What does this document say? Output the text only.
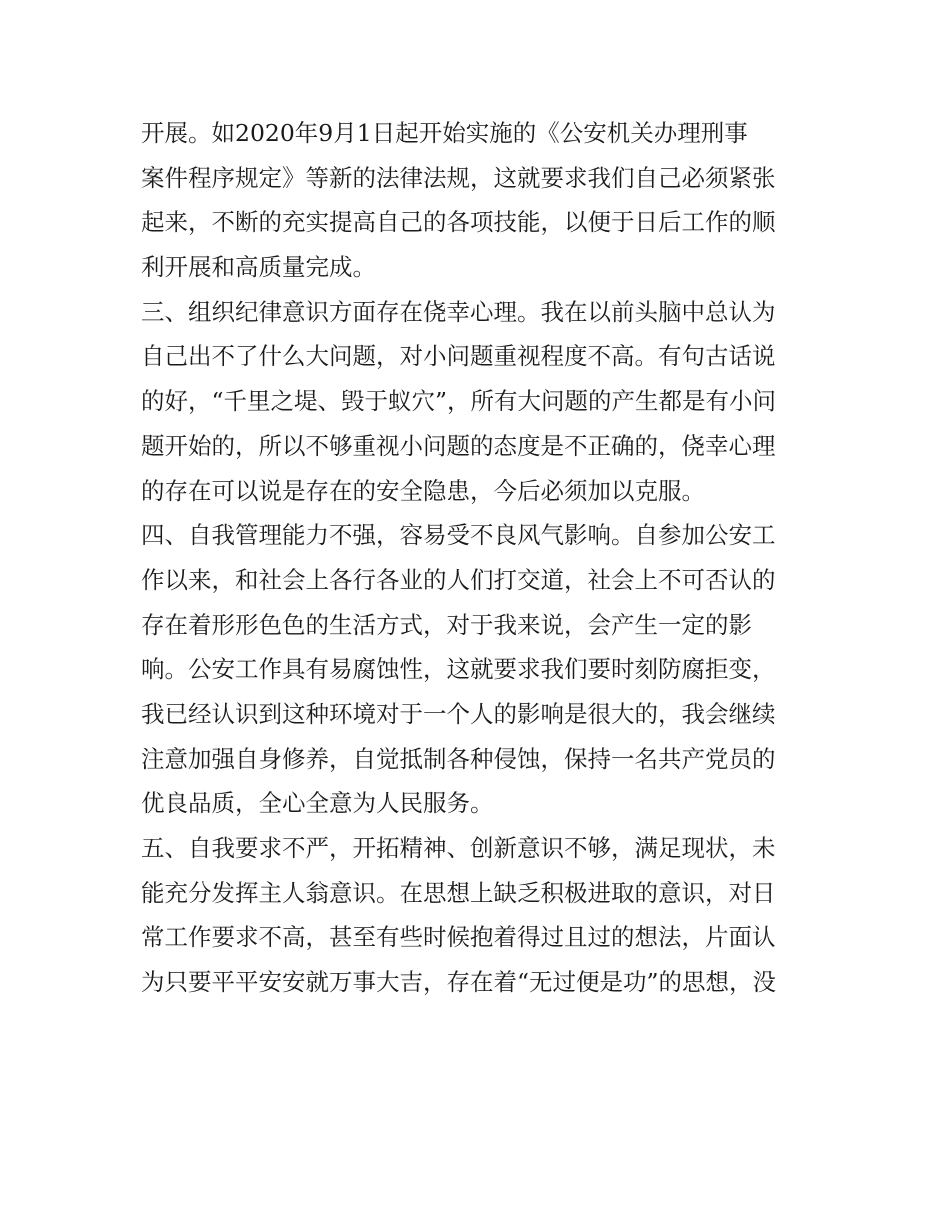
开展。如2020年9月1日起开始实施的《公安机关办理刑事
案件程序规定》等新的法律法规，这就要求我们自己必须紧张
起来，不断的充实提高自己的各项技能，以便于日后工作的顺
利开展和高质量完成。
三、组织纪律意识方面存在侥幸心理。我在以前头脑中总认为
自己出不了什么大问题，对小问题重视程度不高。有句古话说
的好，“千里之堤、毁于蚁穴”，所有大问题的产生都是有小问
题开始的，所以不够重视小问题的态度是不正确的，侥幸心理
的存在可以说是存在的安全隐患，今后必须加以克服。
四、自我管理能力不强，容易受不良风气影响。自参加公安工
作以来，和社会上各行各业的人们打交道，社会上不可否认的
存在着形形色色的生活方式，对于我来说，会产生一定的影
响。公安工作具有易腐蚀性，这就要求我们要时刻防腐拒变，
我已经认识到这种环境对于一个人的影响是很大的，我会继续
注意加强自身修养，自觉抵制各种侵蚀，保持一名共产党员的
优良品质，全心全意为人民服务。
五、自我要求不严，开拓精神、创新意识不够，满足现状，未
能充分发挥主人翁意识。在思想上缺乏积极进取的意识，对日
常工作要求不高，甚至有些时候抱着得过且过的想法，片面认
为只要平平安安就万事大吉，存在着“无过便是功”的思想，没
